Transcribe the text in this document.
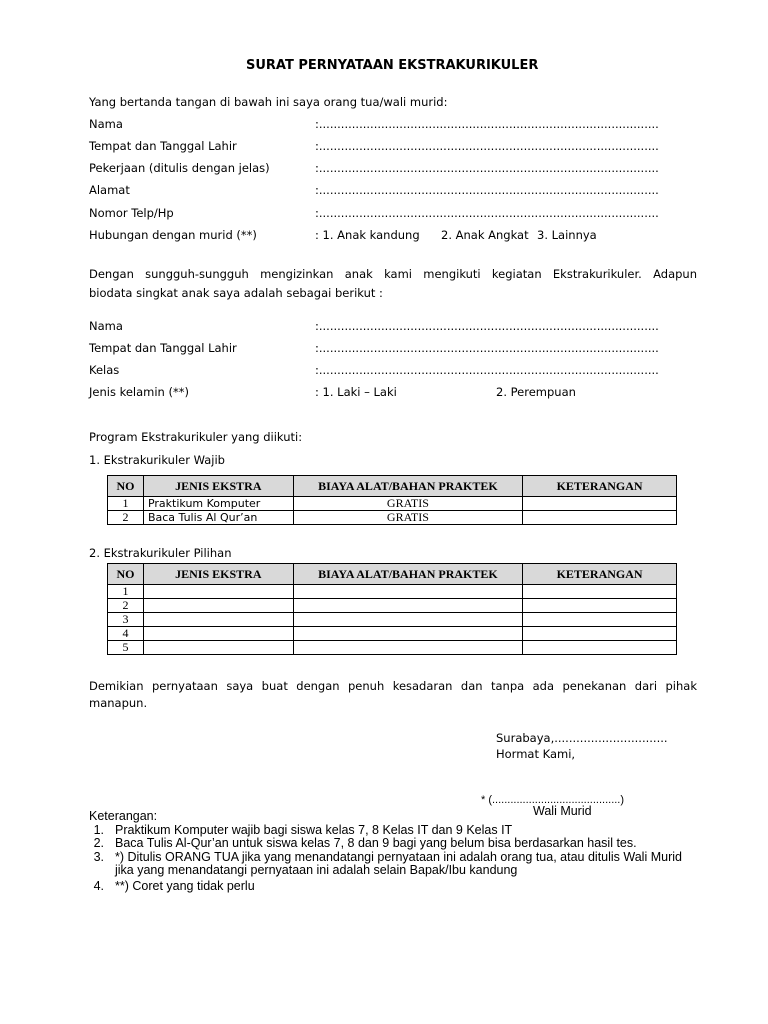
SURAT PERNYATAAN EKSTRAKURIKULER
Yang bertanda tangan di bawah ini saya orang tua/wali murid:
Nama	:.............................................................................................
Tempat dan Tanggal Lahir	:.............................................................................................
Pekerjaan (ditulis dengan jelas)	:.............................................................................................
Alamat	:.............................................................................................
Nomor Telp/Hp	:.............................................................................................
Hubungan dengan murid (**)	: 1. Anak kandung 2. Anak Angkat 3. Lainnya
Dengan sungguh-sungguh mengizinkan anak kami mengikuti kegiatan Ekstrakurikuler. Adapun
biodata singkat anak saya adalah sebagai berikut :
Nama	:.............................................................................................
Tempat dan Tanggal Lahir	:.............................................................................................
Kelas	:.............................................................................................
Jenis kelamin (**)	: 1. Laki – Laki	2. Perempuan
Program Ekstrakurikuler yang diikuti:
1. Ekstrakurikuler Wajib
NO	JENIS EKSTRA	BIAYA ALAT/BAHAN PRAKTEK	KETERANGAN
1	Praktikum Komputer	GRATIS	
2	Baca Tulis Al Qur’an	GRATIS	
2. Ekstrakurikuler Pilihan
NO	JENIS EKSTRA	BIAYA ALAT/BAHAN PRAKTEK	KETERANGAN
1			
2			
3			
4			
5			
Demikian pernyataan saya buat dengan penuh kesadaran dan tanpa ada penekanan dari pihak
manapun.
Surabaya,...............................
Hormat Kami,
* (..........................................)
Wali Murid
Keterangan:
1. Praktikum Komputer wajib bagi siswa kelas 7, 8 Kelas IT dan 9 Kelas IT
2. Baca Tulis Al-Qur’an untuk siswa kelas 7, 8 dan 9 bagi yang belum bisa berdasarkan hasil tes.
3. *) Ditulis ORANG TUA jika yang menandatangi pernyataan ini adalah orang tua, atau ditulis Wali Murid
jika yang menandatangi pernyataan ini adalah selain Bapak/Ibu kandung
4. **) Coret yang tidak perlu
